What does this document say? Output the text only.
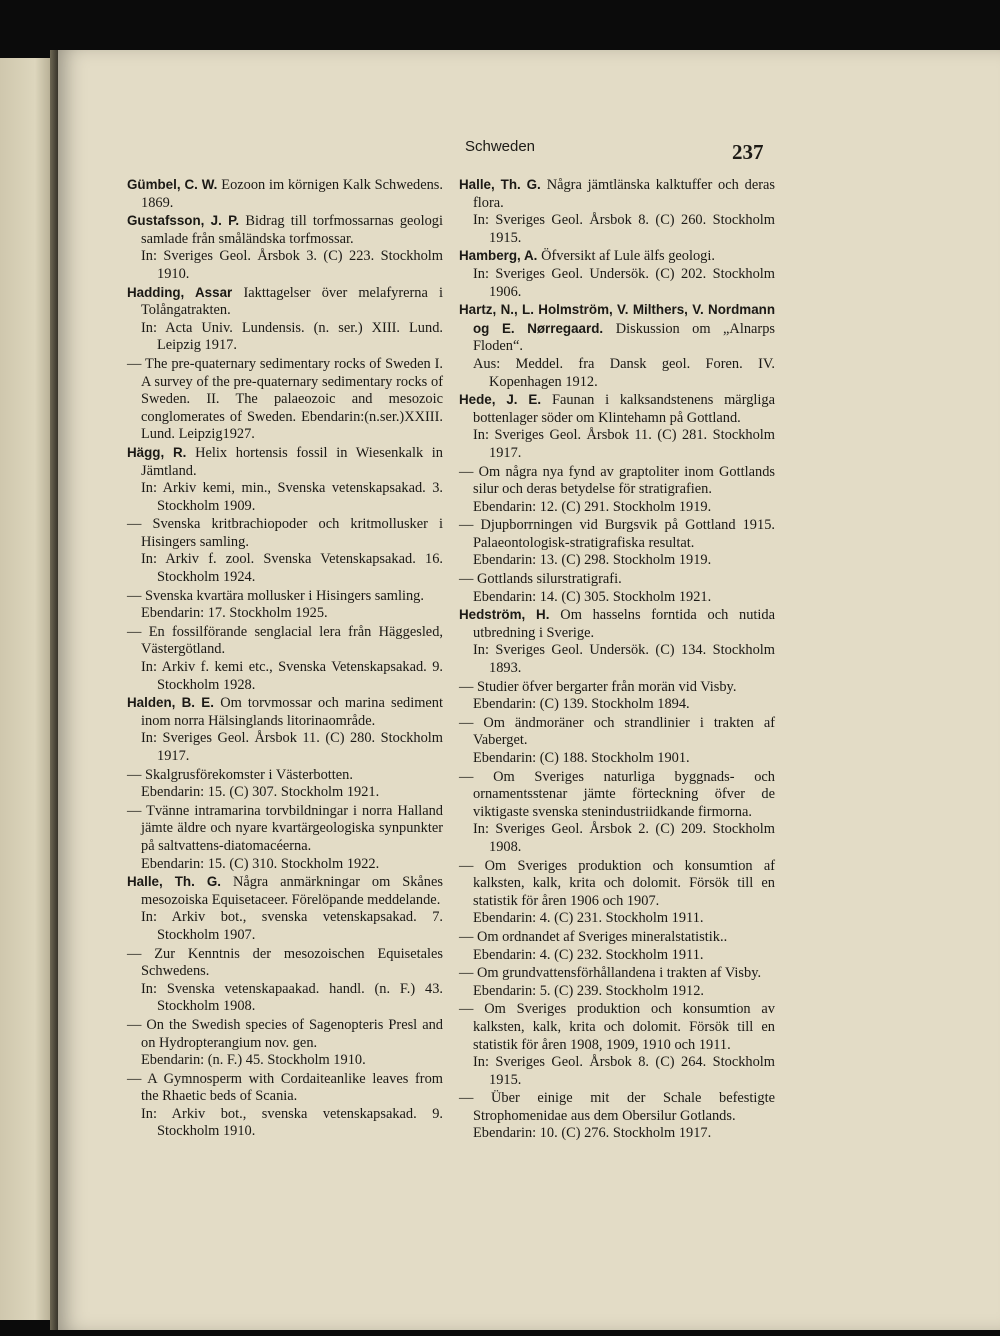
Schweden	237
Gümbel, C. W. Eozoon im körnigen Kalk Schwedens. 1869.
Gustafsson, J. P. Bidrag till torfmossarnas geologi samlade från småländska torfmossar.
In: Sveriges Geol. Årsbok 3. (C) 223. Stockholm 1910.
Hadding, Assar Iakttagelser över melafyrerna i Tolångatrakten.
In: Acta Univ. Lundensis. (n. ser.) XIII. Lund. Leipzig 1917.
— The pre-quaternary sedimentary rocks of Sweden I. A survey of the pre-quaternary sedimentary rocks of Sweden. II. The palaeozoic and mesozoic conglomerates of Sweden. Ebendarin:(n.ser.)XXIII. Lund. Leipzig1927.
Hägg, R. Helix hortensis fossil in Wiesenkalk in Jämtland.
In: Arkiv kemi, min., Svenska vetenskapsakad. 3. Stockholm 1909.
— Svenska kritbrachiopoder och kritmollusker i Hisingers samling.
In: Arkiv f. zool. Svenska Vetenskapsakad. 16. Stockholm 1924.
— Svenska kvartära mollusker i Hisingers samling.
Ebendarin: 17. Stockholm 1925.
— En fossilförande senglacial lera från Häggesled, Västergötland.
In: Arkiv f. kemi etc., Svenska Vetenskapsakad. 9. Stockholm 1928.
Halden, B. E. Om torvmossar och marina sediment inom norra Hälsinglands litorinaområde.
In: Sveriges Geol. Årsbok 11. (C) 280. Stockholm 1917.
— Skalgrusförekomster i Västerbotten.
Ebendarin: 15. (C) 307. Stockholm 1921.
— Tvänne intramarina torvbildningar i norra Halland jämte äldre och nyare kvartärgeologiska synpunkter på saltvattens-diatomacéerna.
Ebendarin: 15. (C) 310. Stockholm 1922.
Halle, Th. G. Några anmärkningar om Skånes mesozoiska Equisetaceer. Förelöpande meddelande.
In: Arkiv bot., svenska vetenskapsakad. 7. Stockholm 1907.
— Zur Kenntnis der mesozoischen Equisetales Schwedens.
In: Svenska vetenskapaakad. handl. (n. F.) 43. Stockholm 1908.
— On the Swedish species of Sagenopteris Presl and on Hydropterangium nov. gen.
Ebendarin: (n. F.) 45. Stockholm 1910.
— A Gymnosperm with Cordaiteanlike leaves from the Rhaetic beds of Scania.
In: Arkiv bot., svenska vetenskapsakad. 9. Stockholm 1910.
Halle, Th. G. Några jämtlänska kalktuffer och deras flora.
In: Sveriges Geol. Årsbok 8. (C) 260. Stockholm 1915.
Hamberg, A. Öfversikt af Lule älfs geologi.
In: Sveriges Geol. Undersök. (C) 202. Stockholm 1906.
Hartz, N., L. Holmström, V. Milthers, V. Nordmann og E. Nørregaard. Diskussion om „Alnarps Floden“.
Aus: Meddel. fra Dansk geol. Foren. IV. Kopenhagen 1912.
Hede, J. E. Faunan i kalksandstenens märgliga bottenlager söder om Klintehamn på Gottland.
In: Sveriges Geol. Årsbok 11. (C) 281. Stockholm 1917.
— Om några nya fynd av graptoliter inom Gottlands silur och deras betydelse för stratigrafien.
Ebendarin: 12. (C) 291. Stockholm 1919.
— Djupborrningen vid Burgsvik på Gottland 1915. Palaeontologisk-stratigrafiska resultat.
Ebendarin: 13. (C) 298. Stockholm 1919.
— Gottlands silurstratigrafi.
Ebendarin: 14. (C) 305. Stockholm 1921.
Hedström, H. Om hasselns forntida och nutida utbredning i Sverige.
In: Sveriges Geol. Undersök. (C) 134. Stockholm 1893.
— Studier öfver bergarter från morän vid Visby.
Ebendarin: (C) 139. Stockholm 1894.
— Om ändmoräner och strandlinier i trakten af Vaberget.
Ebendarin: (C) 188. Stockholm 1901.
— Om Sveriges naturliga byggnads- och ornamentsstenar jämte förteckning öfver de viktigaste svenska stenindustriidkande firmorna.
In: Sveriges Geol. Årsbok 2. (C) 209. Stockholm 1908.
— Om Sveriges produktion och konsumtion af kalksten, kalk, krita och dolomit. Försök till en statistik för åren 1906 och 1907.
Ebendarin: 4. (C) 231. Stockholm 1911.
— Om ordnandet af Sveriges mineralstatistik..
Ebendarin: 4. (C) 232. Stockholm 1911.
— Om grundvattensförhållandena i trakten af Visby.
Ebendarin: 5. (C) 239. Stockholm 1912.
— Om Sveriges produktion och konsumtion av kalksten, kalk, krita och dolomit. Försök till en statistik för åren 1908, 1909, 1910 och 1911.
In: Sveriges Geol. Årsbok 8. (C) 264. Stockholm 1915.
— Über einige mit der Schale befestigte Strophomenidae aus dem Obersilur Gotlands.
Ebendarin: 10. (C) 276. Stockholm 1917.
